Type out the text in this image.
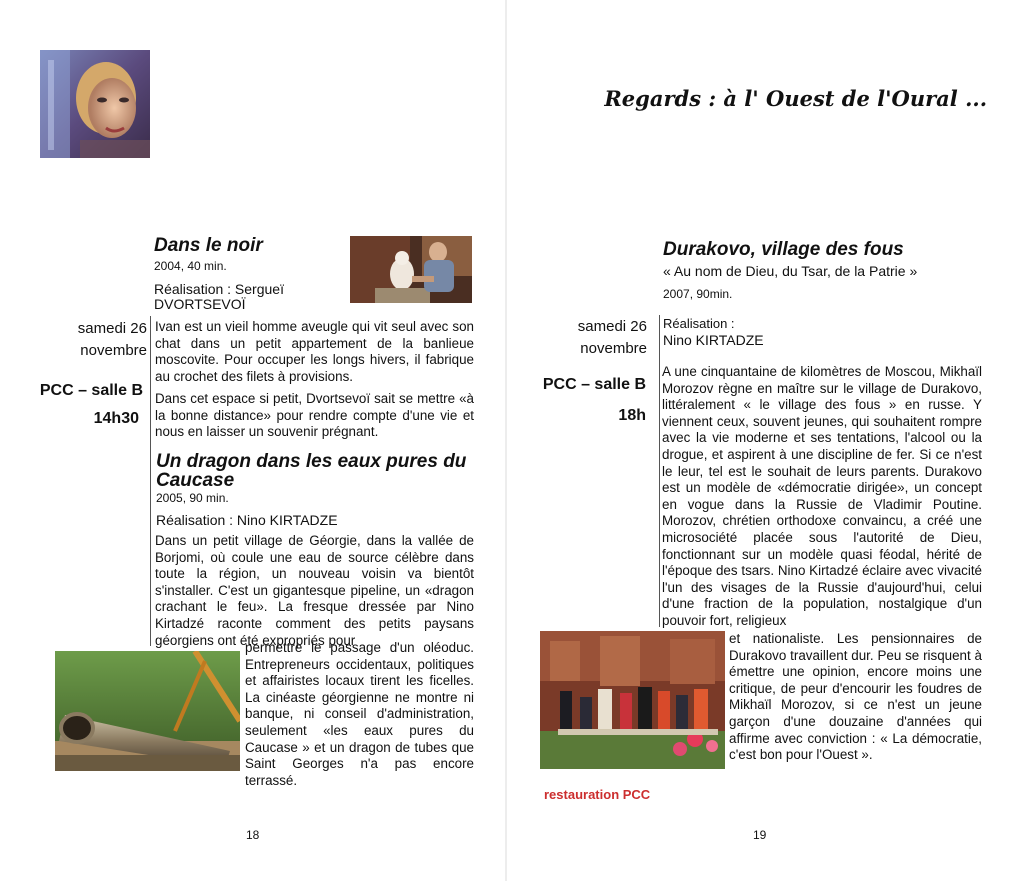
Dans le noir
2004, 40 min.
Réalisation : Sergueï
DVORTSEVOÏ
samedi 26
novembre
PCC – salle B
14h30

Ivan est un vieil homme aveugle qui vit seul avec son chat dans un petit appartement de la banlieue moscovite. Pour occuper les longs hivers, il fabrique au crochet des filets à provisions.

Dans cet espace si petit, Dvortsevoï sait se mettre «à la bonne distance» pour rendre compte d'une vie et nous en laisser un souvenir prégnant.

Un dragon dans les eaux pures du Caucase
2005, 90 min.
Réalisation : Nino KIRTADZE

Dans un petit village de Géorgie, dans la vallée de Borjomi, où coule une eau de source célèbre dans toute la région, un nouveau voisin va bientôt s'installer. C'est un gigantesque pipeline, un «dragon crachant le feu». La fresque dressée par Nino Kirtadzé raconte comment des petits paysans géorgiens ont été expropriés pour

permettre le passage d'un oléoduc. Entrepreneurs occidentaux, politiques et affairistes locaux tirent les ficelles. La cinéaste géorgienne ne montre ni banque, ni conseil d'administration, seulement «les eaux pures du Caucase » et un dragon de tubes que Saint Georges n'a pas encore terrassé.

18
Regards : à l' Ouest de l'Oural ...
Durakovo, village des fous
« Au nom de Dieu, du Tsar, de la Patrie »
2007, 90min.
Réalisation :
Nino KIRTADZE
samedi 26
novembre
PCC – salle B
18h

A une cinquantaine de kilomètres de Moscou, Mikhaïl Morozov règne en maître sur le village de Durakovo, littéralement « le village des fous » en russe. Y viennent ceux, souvent jeunes, qui souhaitent rompre avec la vie moderne et ses tentations, l'alcool ou la drogue, et aspirent à une discipline de fer. Si ce n'est le leur, tel est le souhait de leurs parents. Durakovo est un modèle de «démocratie dirigée», un concept en vogue dans la Russie de Vladimir Poutine. Morozov, chrétien orthodoxe convaincu, a créé une microsociété placée sous l'autorité de Dieu, fonctionnant sur un modèle quasi féodal, hérité de l'époque des tsars. Nino Kirtadzé éclaire avec vivacité l'un des visages de la Russie d'aujourd'hui, celui d'une fraction de la population, nostalgique d'un pouvoir fort, religieux

et nationaliste. Les pensionnaires de Durakovo travaillent dur. Peu se risquent à émettre une opinion, encore moins une critique, de peur d'encourir les foudres de Mikhaïl Morozov, si ce n'est un jeune garçon d'une douzaine d'années qui affirme avec conviction : « La démocratie, c'est bon pour l'Ouest ».

restauration PCC
19
